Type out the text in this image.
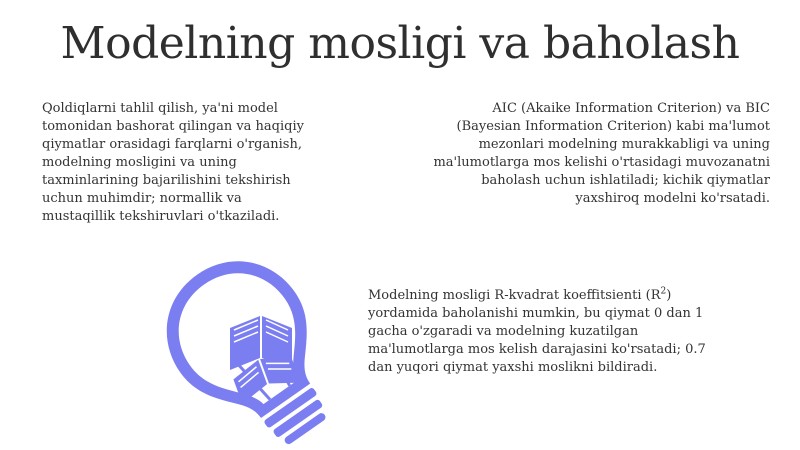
Modelning mosligi va baholash

Qoldiqlarni tahlil qilish, ya'ni model
tomonidan bashorat qilingan va haqiqiy
qiymatlar orasidagi farqlarni o'rganish,
modelning mosligini va uning
taxminlarining bajarilishini tekshirish
uchun muhimdir; normallik va
mustaqillik tekshiruvlari o'tkaziladi.

AIC (Akaike Information Criterion) va BIC
(Bayesian Information Criterion) kabi ma'lumot
mezonlari modelning murakkabligi va uning
ma'lumotlarga mos kelishi o'rtasidagi muvozanatni
baholash uchun ishlatiladi; kichik qiymatlar
yaxshiroq modelni ko'rsatadi.

Modelning mosligi R-kvadrat koeffitsienti $(R^2)$
yordamida baholanishi mumkin, bu qiymat 0 dan 1
gacha o'zgaradi va modelning kuzatilgan
ma'lumotlarga mos kelish darajasini ko'rsatadi; 0.7
dan yuqori qiymat yaxshi moslikni bildiradi.
